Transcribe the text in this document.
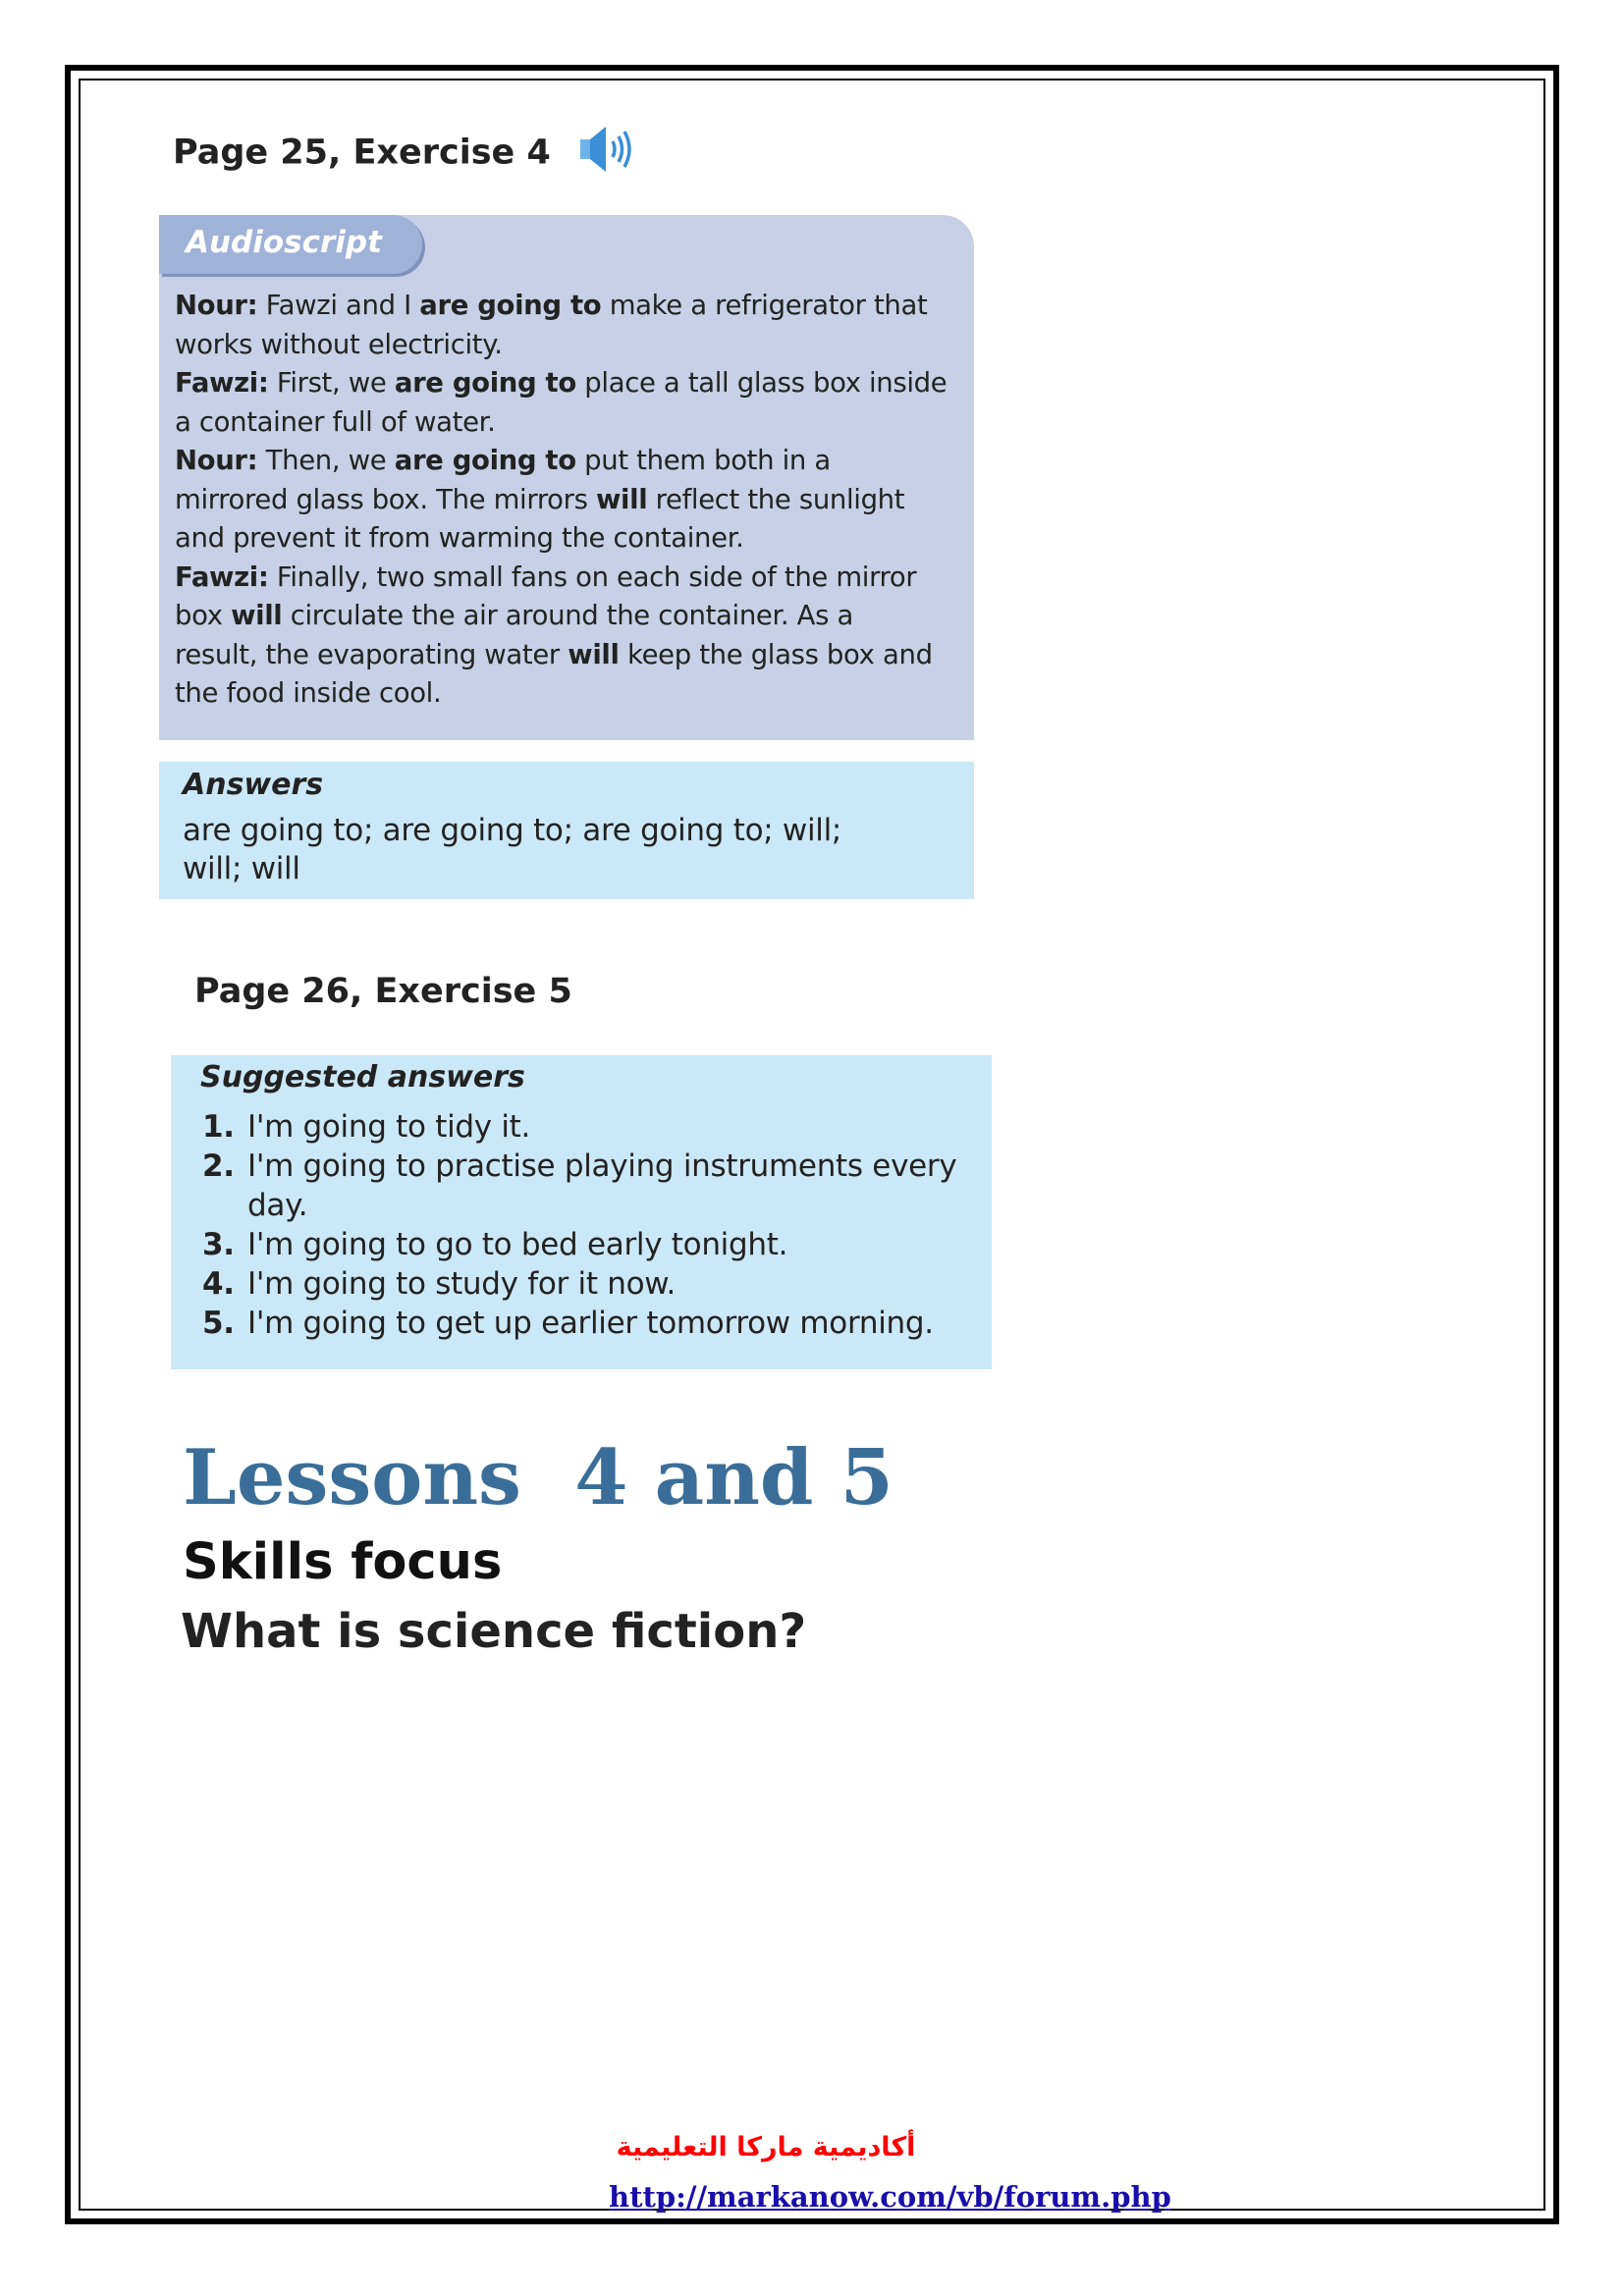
Page 25, Exercise 4
Audioscript
Nour: Fawzi and I are going to make a refrigerator that
works without electricity.
Fawzi: First, we are going to place a tall glass box inside
a container full of water.
Nour: Then, we are going to put them both in a
mirrored glass box. The mirrors will reflect the sunlight
and prevent it from warming the container.
Fawzi: Finally, two small fans on each side of the mirror
box will circulate the air around the container. As a
result, the evaporating water will keep the glass box and
the food inside cool.
Answers
are going to; are going to; are going to; will;
will; will
Page 26, Exercise 5
Suggested answers
1. I'm going to tidy it.
2. I'm going to practise playing instruments every day.
3. I'm going to go to bed early tonight.
4. I'm going to study for it now.
5. I'm going to get up earlier tomorrow morning.
Lessons  4 and 5
Skills focus
What is science fiction?
أكاديمية ماركا التعليمية
http://markanow.com/vb/forum.php
